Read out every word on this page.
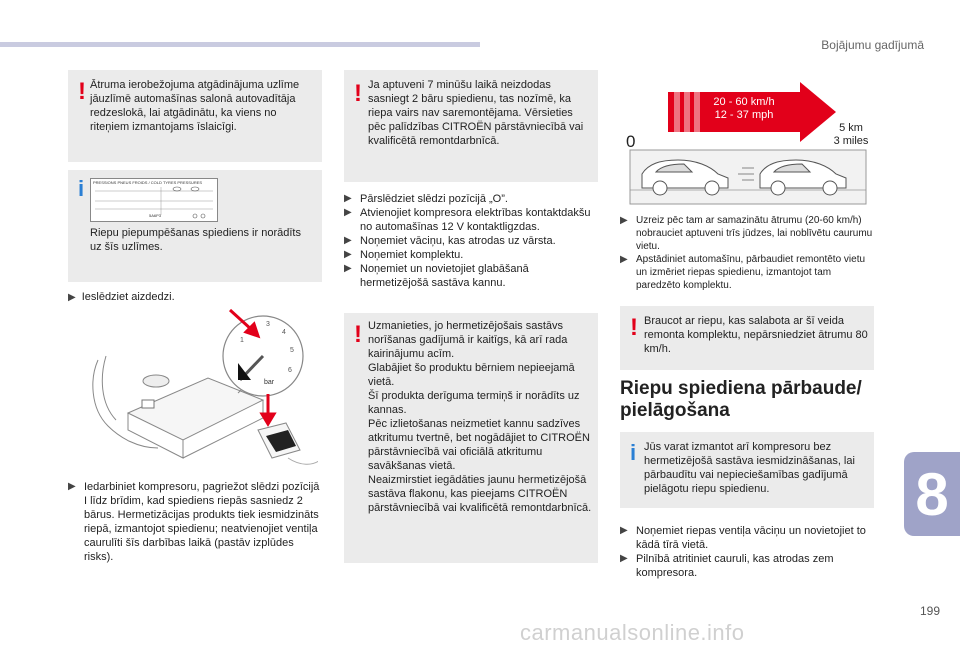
Bojājumu gadījumā
! Ātruma ierobežojuma atgādinājuma uzlīme jāuzlīmē automašīnas salonā autovadītāja redzeslokā, lai atgādinātu, ka viens no riteņiem izmantojams īslaicīgi.
i PRESSIONS PNEUS FROIDS / COLD TYRES PRESSURES
5A6P3
Riepu piepumpēšanas spiediens ir norādīts uz šīs uzlīmes.
▶ Ieslēdziet aizdedzi.
1
3
4
5
6
bar
▶ Iedarbiniet kompresoru, pagriežot slēdzi pozīcijā I līdz brīdim, kad spiediens riepās sasniedz 2 bārus. Hermetizācijas produkts tiek iesmidzināts riepā, izmantojot spiedienu; neatvienojiet ventiļa caurulīti šīs darbības laikā (pastāv izplūdes risks).
! Ja aptuveni 7 minūšu laikā neizdodas sasniegt 2 bāru spiedienu, tas nozīmē, ka riepa vairs nav saremontējama. Vērsieties pēc palīdzības CITROËN pārstāvniecībā vai kvalificētā remontdarbnīcā.
▶ Pārslēdziet slēdzi pozīcijā „O”.
▶ Atvienojiet kompresora elektrības kontaktdakšu no automašīnas 12 V kontaktligzdas.
▶ Noņemiet vāciņu, kas atrodas uz vārsta.
▶ Noņemiet komplektu.
▶ Noņemiet un novietojiet glabāšanā hermetizējošā sastāva kannu.
! Uzmanieties, jo hermetizējošais sastāvs norīšanas gadījumā ir kaitīgs, kā arī rada kairinājumu acīm.

Glabājiet šo produktu bērniem nepieejamā vietā.

Šī produkta derīguma termiņš ir norādīts uz kannas.

Pēc izlietošanas neizmetiet kannu sadzīves atkritumu tvertnē, bet nogādājiet to CITROËN pārstāvniecībā vai oficiālā atkritumu savākšanas vietā.

Neaizmirstiet iegādāties jaunu hermetizējošā sastāva flakonu, kas pieejams CITROËN pārstāvniecībā vai kvalificētā remontdarbnīcā.

0
20 - 60 km/h
12 - 37 mph
5 km
3 miles
▶ Uzreiz pēc tam ar samazinātu ātrumu (20-60 km/h) nobrauciet aptuveni trīs jūdzes, lai noblīvētu caurumu vietu.
▶ Apstādiniet automašīnu, pārbaudiet remontēto vietu un izmēriet riepas spiedienu, izmantojot tam paredzēto komplektu.
! Braucot ar riepu, kas salabota ar šī veida remonta komplektu, nepārsniedziet ātrumu 80 km/h.
Riepu spiediena pārbaude/ pielāgošana
i Jūs varat izmantot arī kompresoru bez hermetizējošā sastāva iesmidzināšanas, lai pārbaudītu vai nepieciešamības gadījumā pielāgotu riepu spiedienu.
▶ Noņemiet riepas ventiļa vāciņu un novietojiet to kādā tīrā vietā.
▶ Pilnībā atritiniet cauruli, kas atrodas zem kompresora.
8
199
carmanualsonline.info
